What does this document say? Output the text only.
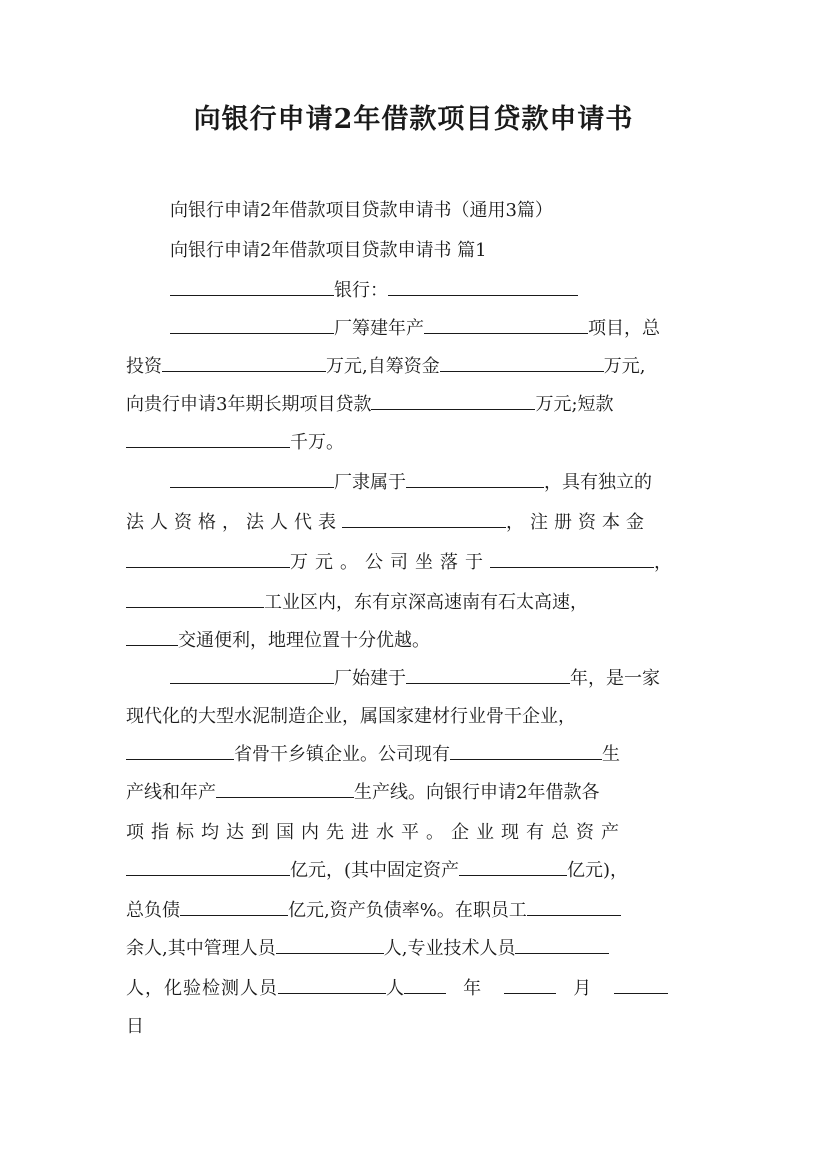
向银行申请2年借款项目贷款申请书

向银行申请2年借款项目贷款申请书（通用3篇）

向银行申请2年借款项目贷款申请书 篇1

银行：

厂筹建年产	项目，总

投资	万元,自筹资金	万元,

向贵行申请3年期长期项目贷款	万元;短款

千万。

厂隶属于	，具有独立的

法人资格，法人代表	，注册资本金

万元。公司坐落于	，

工业区内，东有京深高速南有石太高速，

交通便利，地理位置十分优越。

厂始建于	年，是一家

现代化的大型水泥制造企业，属国家建材行业骨干企业，

省骨干乡镇企业。公司现有	生

产线和年产	生产线。向银行申请2年借款各

项指标均达到国内先进水平。企业现有总资产

亿元，(其中固定资产	亿元)，

总负债	亿元,资产负债率%。在职员工

余人,其中管理人员	人,专业技术人员

人，化验检测人员	人	年	月

日
